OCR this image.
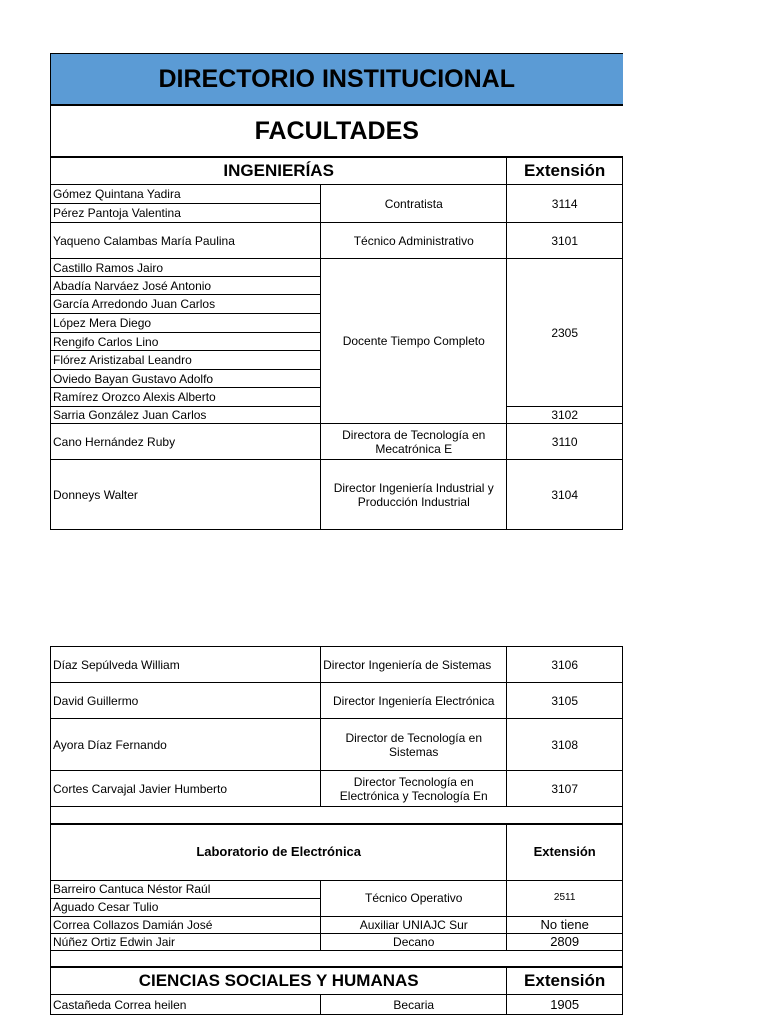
DIRECTORIO INSTITUCIONAL		
FACULTADES		
INGENIERÍAS		Extensión
Gómez Quintana Yadira	Contratista	3114
Pérez Pantoja Valentina		
Yaqueno Calambas María Paulina	Técnico Administrativo	3101
Castillo Ramos Jairo	Docente Tiempo Completo	2305
Abadía Narváez José Antonio		
García Arredondo Juan Carlos		
López Mera Diego		
Rengifo Carlos Lino		
Flórez Aristizabal Leandro		
Oviedo Bayan Gustavo Adolfo		
Ramírez Orozco Alexis Alberto		
Sarria González Juan Carlos		3102
Cano Hernández Ruby	Directora de Tecnología en Mecatrónica E	3110
Donneys Walter	Director Ingeniería Industrial y Producción Industrial	3104
Díaz Sepúlveda William	Director Ingeniería de Sistemas	3106
David Guillermo	Director Ingeniería Electrónica	3105
Ayora Díaz Fernando	Director de Tecnología en Sistemas	3108
Cortes Carvajal Javier Humberto	Director Tecnología en Electrónica y Tecnología En	3107

Laboratorio de Electrónica		Extensión
Barreiro Cantuca Néstor Raúl	Técnico Operativo	2511
Aguado Cesar Tulio		
Correa Collazos Damián José	Auxiliar UNIAJC Sur	No tiene
Núñez Ortiz Edwin Jair	Decano	2809

CIENCIAS SOCIALES Y HUMANAS		Extensión
Castañeda Correa heilen	Becaria	1905
